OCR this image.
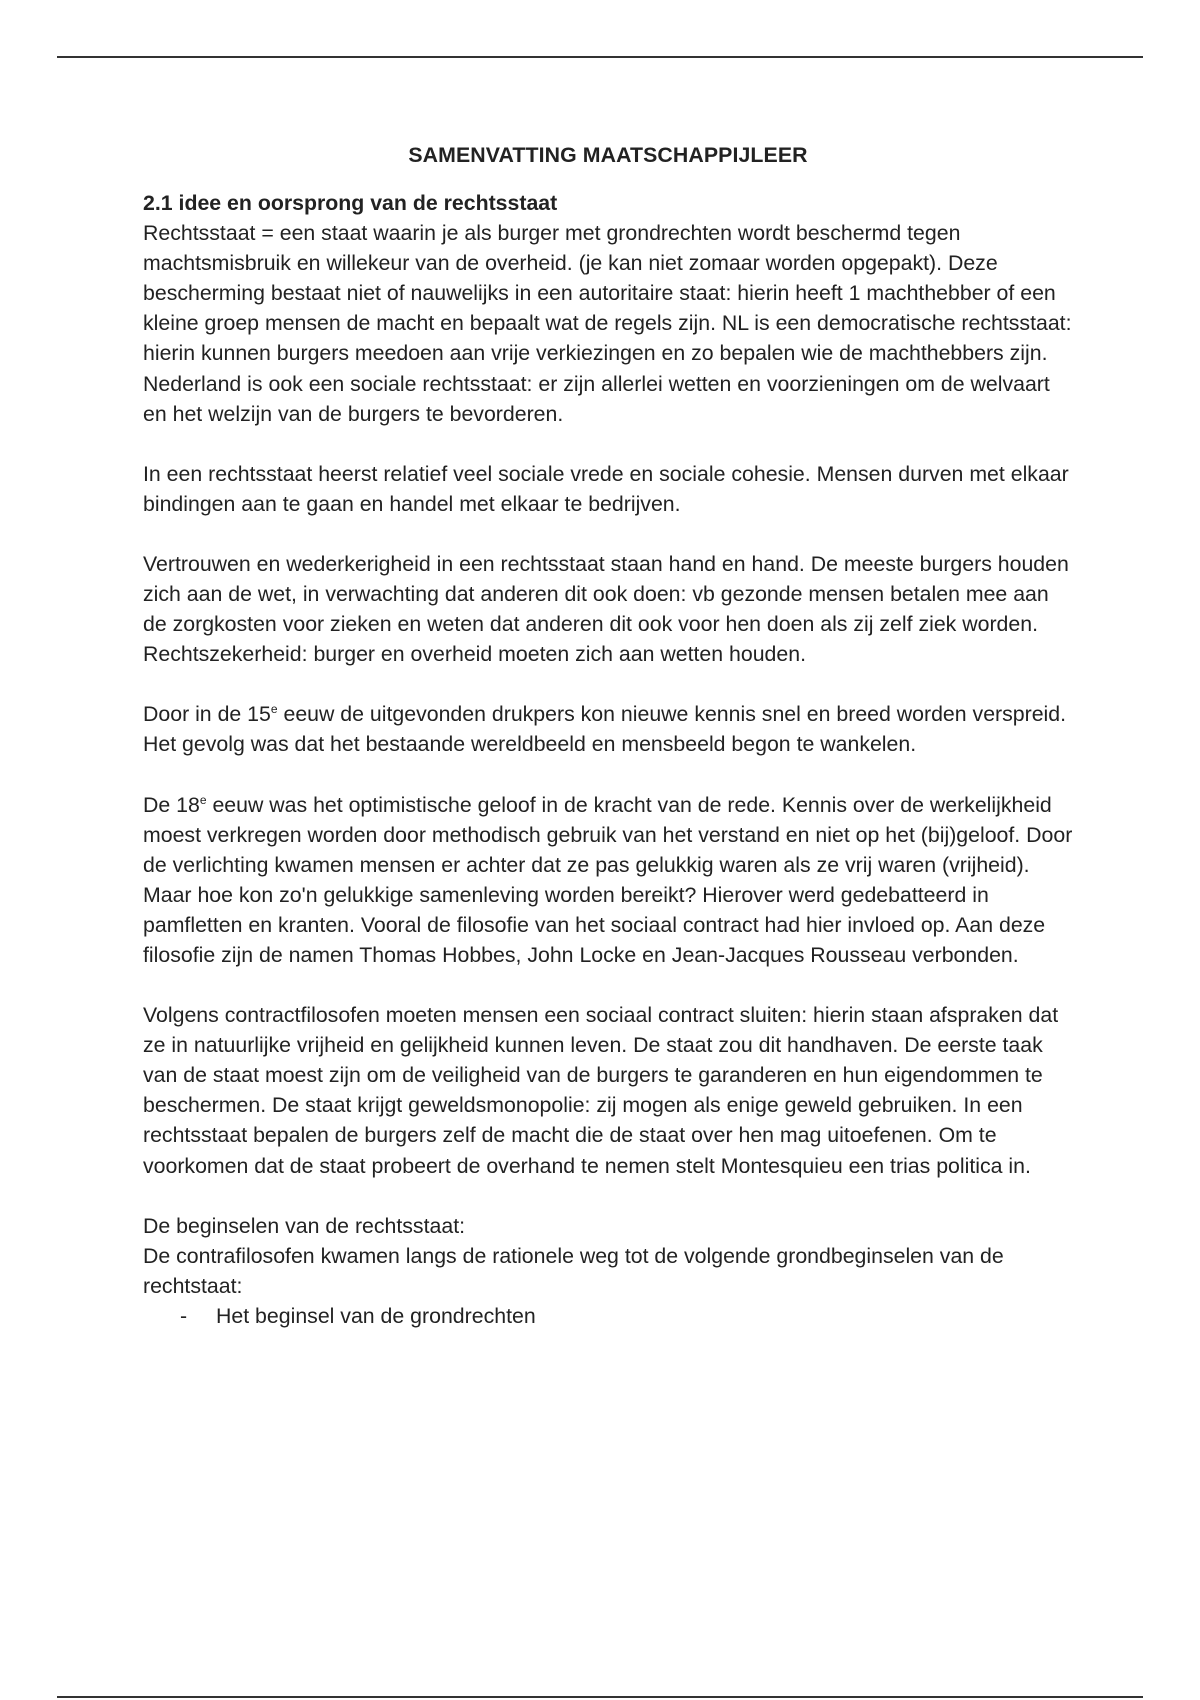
SAMENVATTING MAATSCHAPPIJLEER
2.1 idee en oorsprong van de rechtsstaat

Rechtsstaat = een staat waarin je als burger met grondrechten wordt beschermd tegen machtsmisbruik en willekeur van de overheid. (je kan niet zomaar worden opgepakt). Deze bescherming bestaat niet of nauwelijks in een autoritaire staat: hierin heeft 1 machthebber of een kleine groep mensen de macht en bepaalt wat de regels zijn. NL is een democratische rechtsstaat: hierin kunnen burgers meedoen aan vrije verkiezingen en zo bepalen wie de machthebbers zijn. Nederland is ook een sociale rechtsstaat: er zijn allerlei wetten en voorzieningen om de welvaart en het welzijn van de burgers te bevorderen.

In een rechtsstaat heerst relatief veel sociale vrede en sociale cohesie. Mensen durven met elkaar bindingen aan te gaan en handel met elkaar te bedrijven.

Vertrouwen en wederkerigheid in een rechtsstaat staan hand en hand. De meeste burgers houden zich aan de wet, in verwachting dat anderen dit ook doen: vb gezonde mensen betalen mee aan de zorgkosten voor zieken en weten dat anderen dit ook voor hen doen als zij zelf ziek worden. Rechtszekerheid: burger en overheid moeten zich aan wetten houden.

Door in de 15e eeuw de uitgevonden drukpers kon nieuwe kennis snel en breed worden verspreid. Het gevolg was dat het bestaande wereldbeeld en mensbeeld begon te wankelen.

De 18e eeuw was het optimistische geloof in de kracht van de rede. Kennis over de werkelijkheid moest verkregen worden door methodisch gebruik van het verstand en niet op het (bij)geloof. Door de verlichting kwamen mensen er achter dat ze pas gelukkig waren als ze vrij waren (vrijheid). Maar hoe kon zo'n gelukkige samenleving worden bereikt? Hierover werd gedebatteerd in pamfletten en kranten. Vooral de filosofie van het sociaal contract had hier invloed op. Aan deze filosofie zijn de namen Thomas Hobbes, John Locke en Jean-Jacques Rousseau verbonden.

Volgens contractfilosofen moeten mensen een sociaal contract sluiten: hierin staan afspraken dat ze in natuurlijke vrijheid en gelijkheid kunnen leven. De staat zou dit handhaven. De eerste taak van de staat moest zijn om de veiligheid van de burgers te garanderen en hun eigendommen te beschermen. De staat krijgt geweldsmonopolie: zij mogen als enige geweld gebruiken. In een rechtsstaat bepalen de burgers zelf de macht die de staat over hen mag uitoefenen. Om te voorkomen dat de staat probeert de overhand te nemen stelt Montesquieu een trias politica in.

De beginselen van de rechtsstaat:
De contrafilosofen kwamen langs de rationele weg tot de volgende grondbeginselen van de rechtstaat:
- Het beginsel van de grondrechten
